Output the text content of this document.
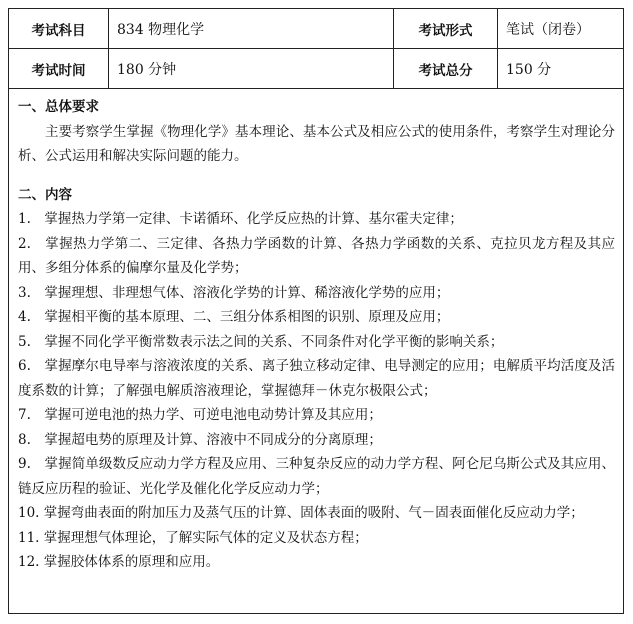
考试科目	834 物理化学	考试形式	笔试（闭卷）
考试时间	180 分钟	考试总分	150 分

一、总体要求

主要考察学生掌握《物理化学》基本理论、基本公式及相应公式的使用条件，考察学生对理论分析、公式运用和解决实际问题的能力。

二、内容

1.　掌握热力学第一定律、卡诺循环、化学反应热的计算、基尔霍夫定律；
2.　掌握热力学第二、三定律、各热力学函数的计算、各热力学函数的关系、克拉贝龙方程及其应用、多组分体系的偏摩尔量及化学势；
3.　掌握理想、非理想气体、溶液化学势的计算、稀溶液化学势的应用；
4.　掌握相平衡的基本原理、二、三组分体系相图的识别、原理及应用；
5.　掌握不同化学平衡常数表示法之间的关系、不同条件对化学平衡的影响关系；
6.　掌握摩尔电导率与溶液浓度的关系、离子独立移动定律、电导测定的应用；电解质平均活度及活度系数的计算；了解强电解质溶液理论，掌握德拜－休克尔极限公式；
7.　掌握可逆电池的热力学、可逆电池电动势计算及其应用；
8.　掌握超电势的原理及计算、溶液中不同成分的分离原理；
9.　掌握简单级数反应动力学方程及应用、三种复杂反应的动力学方程、阿仑尼乌斯公式及其应用、链反应历程的验证、光化学及催化化学反应动力学；
10. 掌握弯曲表面的附加压力及蒸气压的计算、固体表面的吸附、气－固表面催化反应动力学；
11. 掌握理想气体理论，了解实际气体的定义及状态方程；
12. 掌握胶体体系的原理和应用。
